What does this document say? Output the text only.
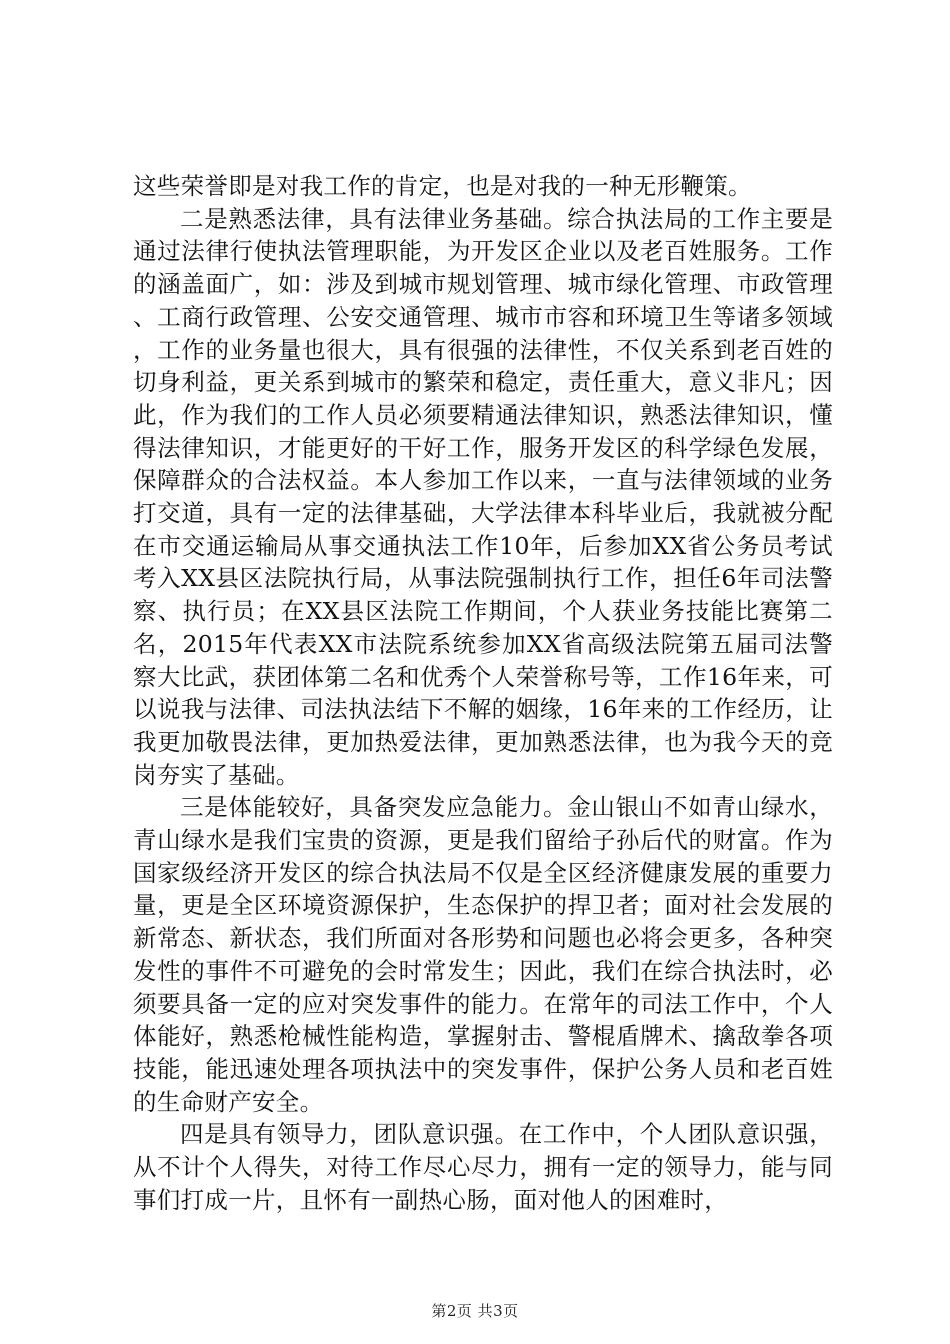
这些荣誉即是对我工作的肯定，也是对我的一种无形鞭策。

二是熟悉法律，具有法律业务基础。综合执法局的工作主要是通过法律行使执法管理职能，为开发区企业以及老百姓服务。工作的涵盖面广，如：涉及到城市规划管理、城市绿化管理、市政管理、工商行政管理、公安交通管理、城市市容和环境卫生等诸多领域，工作的业务量也很大，具有很强的法律性，不仅关系到老百姓的切身利益，更关系到城市的繁荣和稳定，责任重大，意义非凡；因此，作为我们的工作人员必须要精通法律知识，熟悉法律知识，懂得法律知识，才能更好的干好工作，服务开发区的科学绿色发展，保障群众的合法权益。本人参加工作以来，一直与法律领域的业务打交道，具有一定的法律基础，大学法律本科毕业后，我就被分配在市交通运输局从事交通执法工作10年，后参加XX省公务员考试考入XX县区法院执行局，从事法院强制执行工作，担任6年司法警察、执行员；在XX县区法院工作期间，个人获业务技能比赛第二名，2015年代表XX市法院系统参加XX省高级法院第五届司法警察大比武，获团体第二名和优秀个人荣誉称号等，工作16年来，可以说我与法律、司法执法结下不解的姻缘，16年来的工作经历，让我更加敬畏法律，更加热爱法律，更加熟悉法律，也为我今天的竞岗夯实了基础。

三是体能较好，具备突发应急能力。金山银山不如青山绿水，青山绿水是我们宝贵的资源，更是我们留给子孙后代的财富。作为国家级经济开发区的综合执法局不仅是全区经济健康发展的重要力量，更是全区环境资源保护，生态保护的捍卫者；面对社会发展的新常态、新状态，我们所面对各形势和问题也必将会更多，各种突发性的事件不可避免的会时常发生；因此，我们在综合执法时，必须要具备一定的应对突发事件的能力。在常年的司法工作中，个人体能好，熟悉枪械性能构造，掌握射击、警棍盾牌术、擒敌拳各项技能，能迅速处理各项执法中的突发事件，保护公务人员和老百姓的生命财产安全。

四是具有领导力，团队意识强。在工作中，个人团队意识强，从不计个人得失，对待工作尽心尽力，拥有一定的领导力，能与同事们打成一片，且怀有一副热心肠，面对他人的困难时，

第2页 共3页
